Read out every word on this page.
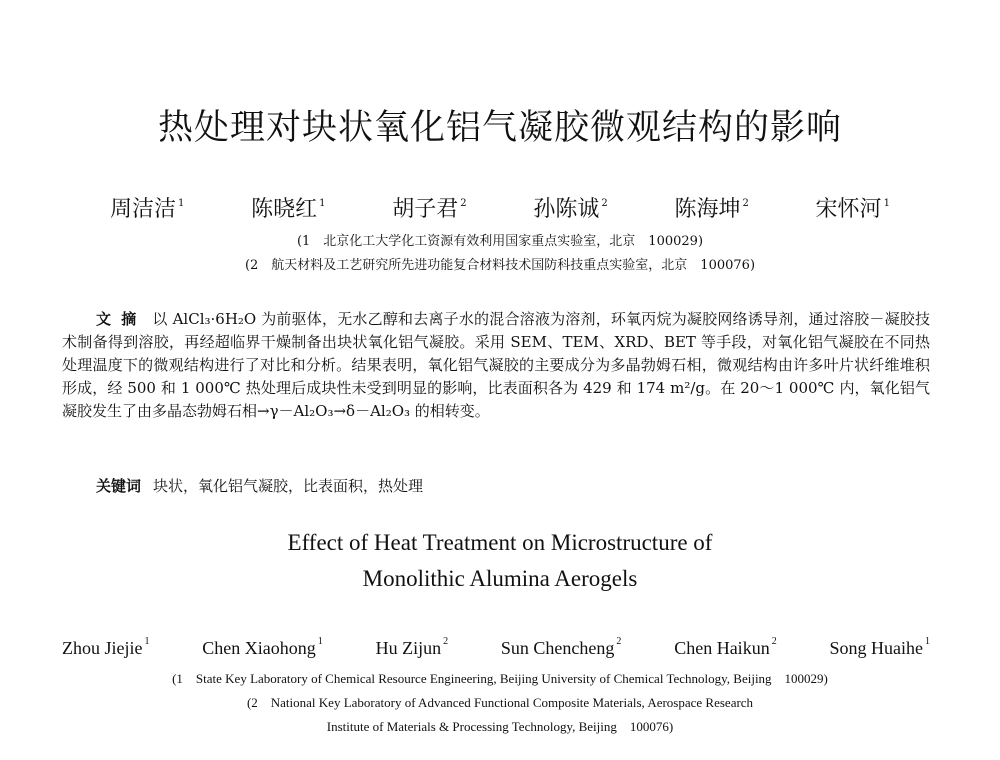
热处理对块状氧化铝气凝胶微观结构的影响
周洁洁 $^1$	陈晓红 $^1$	胡子君 $^2$	孙陈诚 $^2$	陈海坤 $^2$	宋怀河 $^1$

(1　北京化工大学化工资源有效利用国家重点实验室，北京　100029)

(2　航天材料及工艺研究所先进功能复合材料技术国防科技重点实验室，北京　100076)

文摘 以 AlCl₃·6H₂O 为前驱体，无水乙醇和去离子水的混合溶液为溶剂，环氧丙烷为凝胶网络诱导剂，通过溶胶－凝胶技术制备得到溶胶，再经超临界干燥制备出块状氧化铝气凝胶。采用 SEM、TEM、XRD、BET 等手段，对氧化铝气凝胶在不同热处理温度下的微观结构进行了对比和分析。结果表明，氧化铝气凝胶的主要成分为多晶勃姆石相，微观结构由许多叶片状纤维堆积形成，经 500 和 1 000℃ 热处理后成块性未受到明显的影响，比表面积各为 429 和 174 m²/g。在 20～1 000℃ 内，氧化铝气凝胶发生了由多晶态勃姆石相→γ－Al₂O₃→δ－Al₂O₃ 的相转变。

关键词 块状，氧化铝气凝胶，比表面积，热处理

Effect of Heat Treatment on Microstructure of

Monolithic Alumina Aerogels

Zhou Jiejie $^1$	Chen Xiaohong $^1$	Hu Zijun $^2$	Sun Chencheng $^2$	Chen Haikun $^2$	Song Huaihe $^1$

(1　State Key Laboratory of Chemical Resource Engineering, Beijing University of Chemical Technology, Beijing　100029)

(2　National Key Laboratory of Advanced Functional Composite Materials, Aerospace Research

Institute of Materials & Processing Technology, Beijing　100076)
